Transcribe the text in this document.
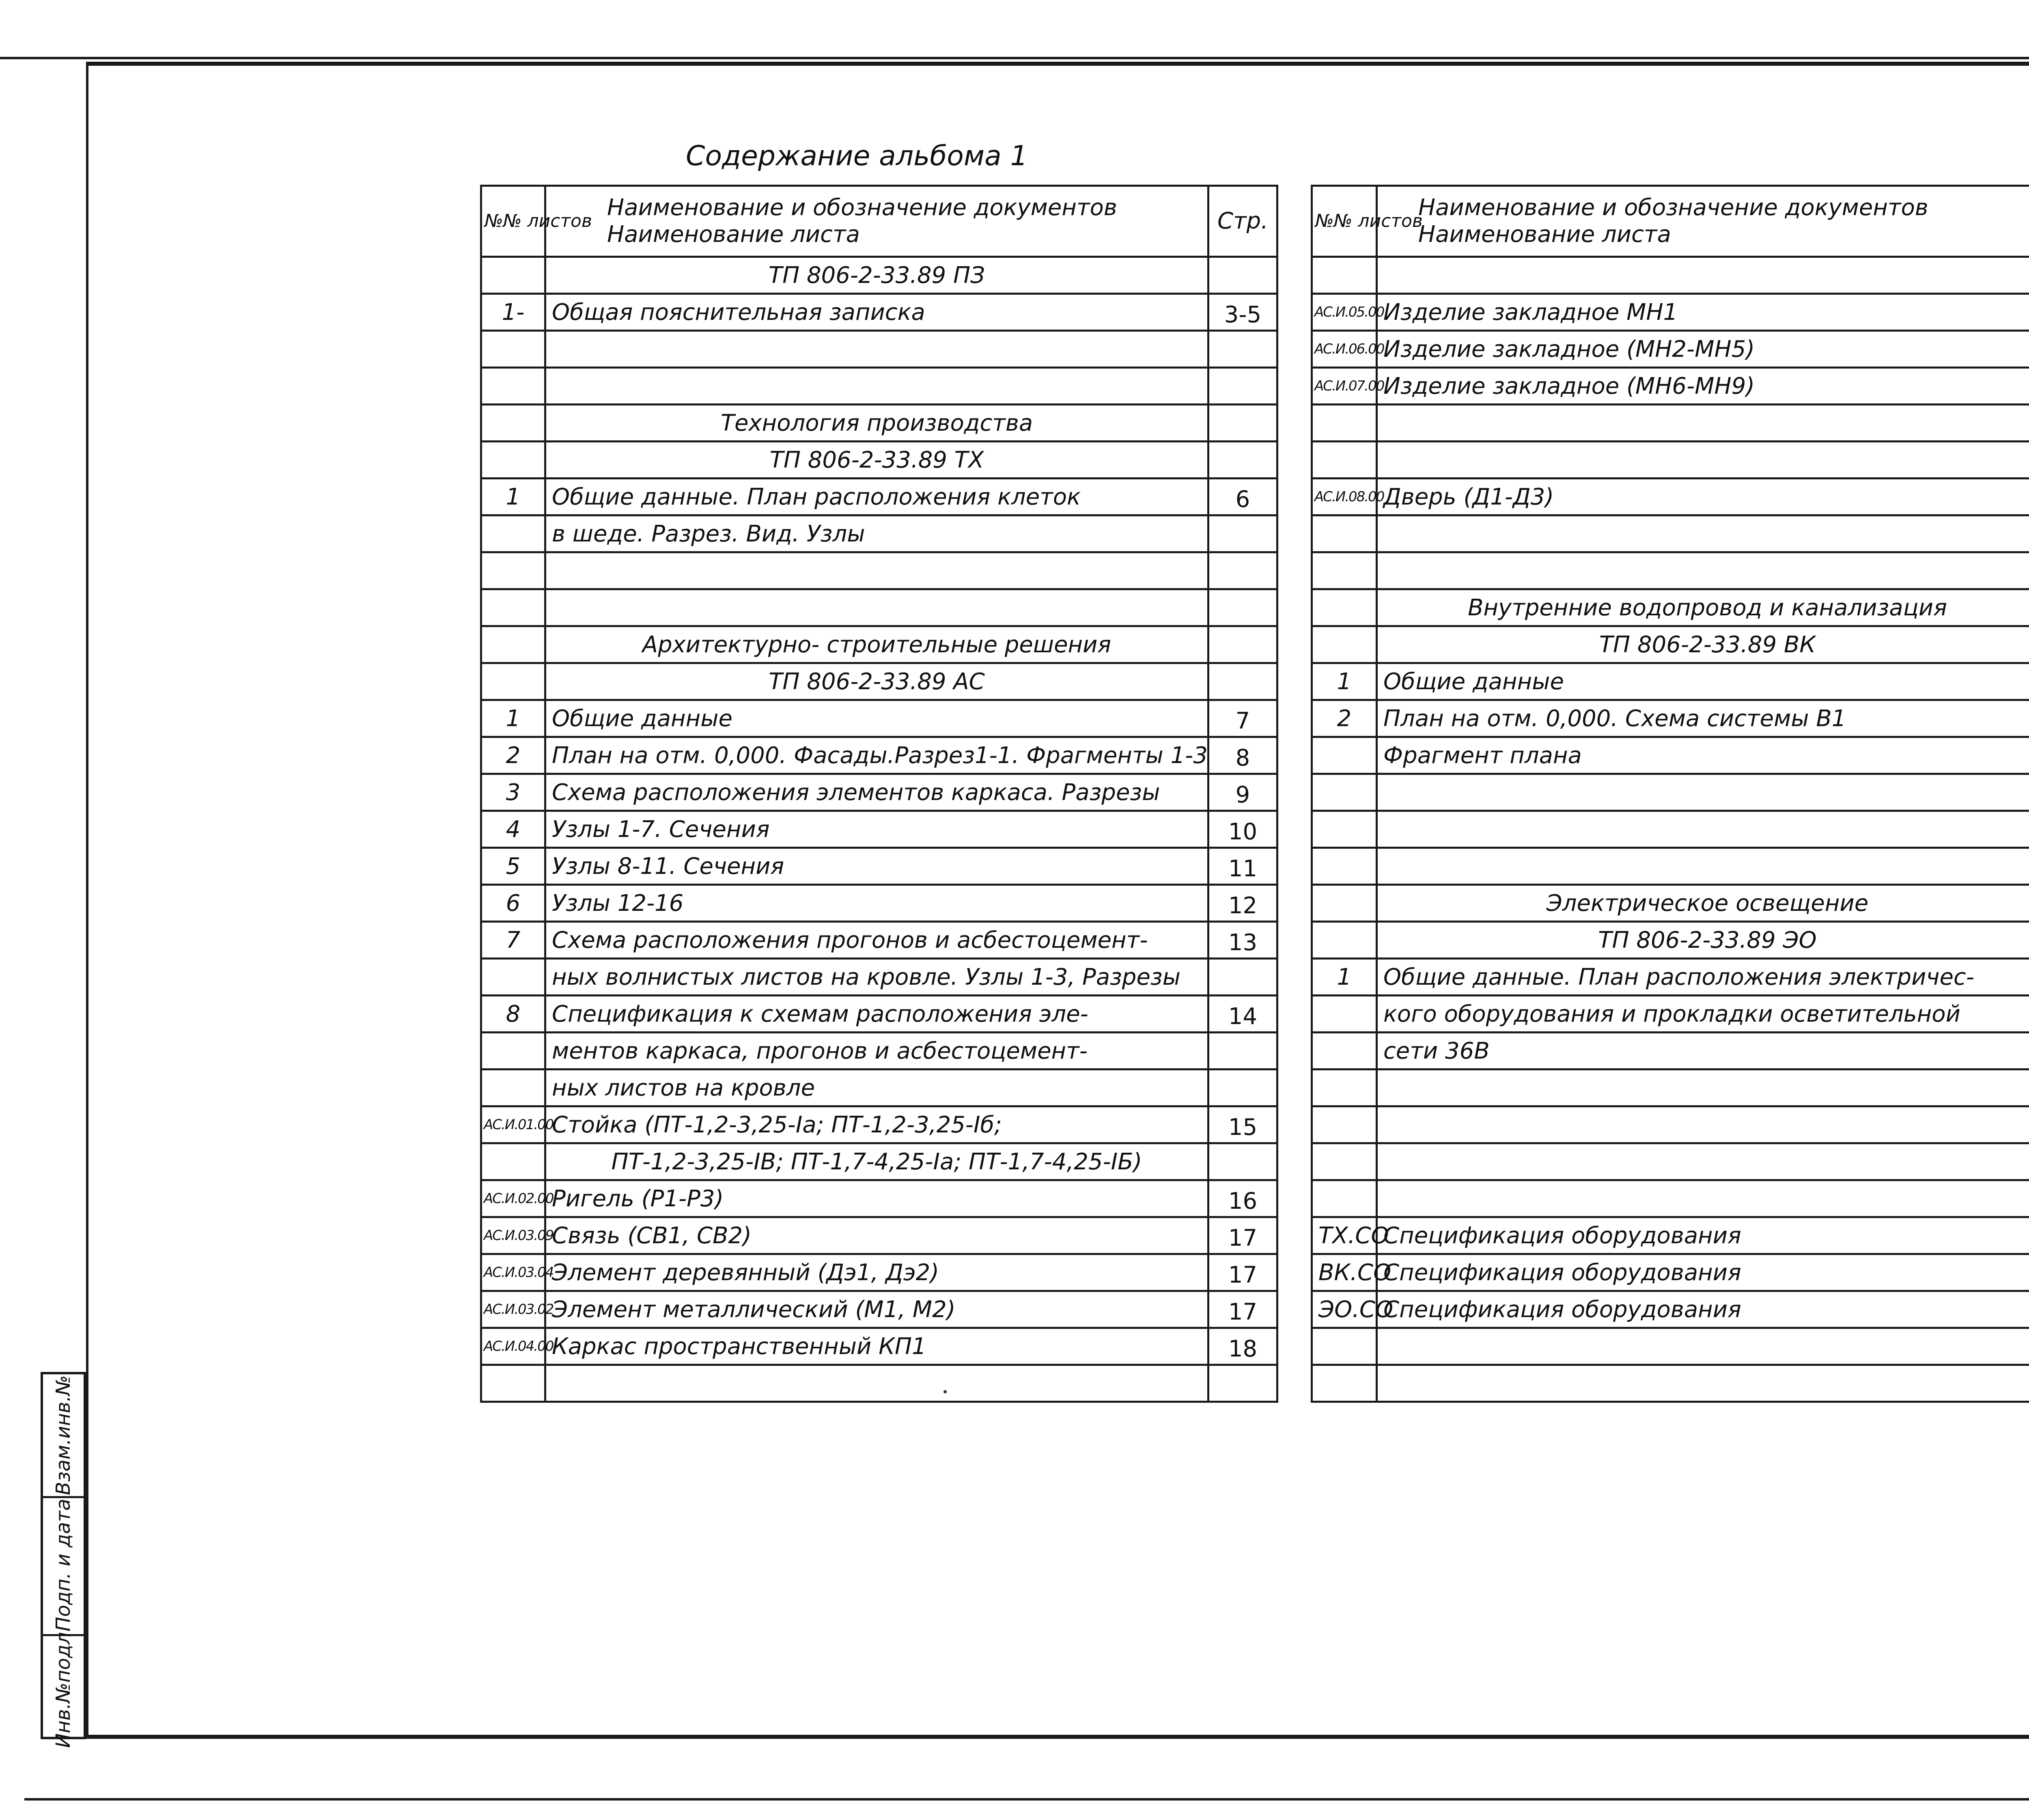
Содержание альбома 1
№№ листов	Наименование и обозначение документов
Наименование листа	Стр.
	ТП 806-2-33.89 ПЗ	
1-	Общая пояснительная записка	3-5

	Технология производства	
	ТП 806-2-33.89 ТХ	
1	Общие данные. План расположения клеток	6
	в шеде. Разрез. Вид. Узлы	

	Архитектурно- строительные решения	
	ТП 806-2-33.89 АС	
1	Общие данные	7
2	План на отм. 0,000. Фасады.Разрез1-1. Фрагменты 1-3	8
3	Схема расположения элементов каркаса. Разрезы	9
4	Узлы 1-7. Сечения	10
5	Узлы 8-11. Сечения	11
6	Узлы 12-16	12
7	Схема расположения прогонов и асбестоцемент-	13
	ных волнистых листов на кровле. Узлы 1-3, Разрезы	
8	Спецификация к схемам расположения эле-	14
	ментов каркаса, прогонов и асбестоцемент-	
	ных листов на кровле	
АС.И.01.00	Стойка (ПТ-1,2-3,25-Iа; ПТ-1,2-3,25-Iб;	15
	ПТ-1,2-3,25-IВ; ПТ-1,7-4,25-Iа; ПТ-1,7-4,25-IБ)	
АС.И.02.00	Ригель (Р1-Р3)	16
АС.И.03.09	Связь (СВ1, СВ2)	17
АС.И.03.04	Элемент деревянный (Дэ1, Дэ2)	17
АС.И.03.02	Элемент металлический (М1, М2)	17
АС.И.04.00	Каркас пространственный КП1	18

№№ листов	Наименование и обозначение документов
Наименование листа

АС.И.05.00	Изделие закладное МН1	
АС.И.06.00	Изделие закладное (МН2-МН5)	
АС.И.07.00	Изделие закладное (МН6-МН9)	

АС.И.08.00	Дверь (Д1-Д3)	

	Внутренние водопровод и канализация	
	ТП 806-2-33.89 ВК	
1	Общие данные	
2	План на отм. 0,000. Схема системы В1	
	Фрагмент плана	

	Электрическое освещение	
	ТП 806-2-33.89 ЭО	
1	Общие данные. План расположения электричес-	
	кого оборудования и прокладки осветительной	
	сети 36В	

ТХ.СО	Спецификация оборудования	
ВК.СО	Спецификация оборудования	
ЭО.СО	Спецификация оборудования	

Взам.инв.№
Подп. и дата
Инв.№подл.
